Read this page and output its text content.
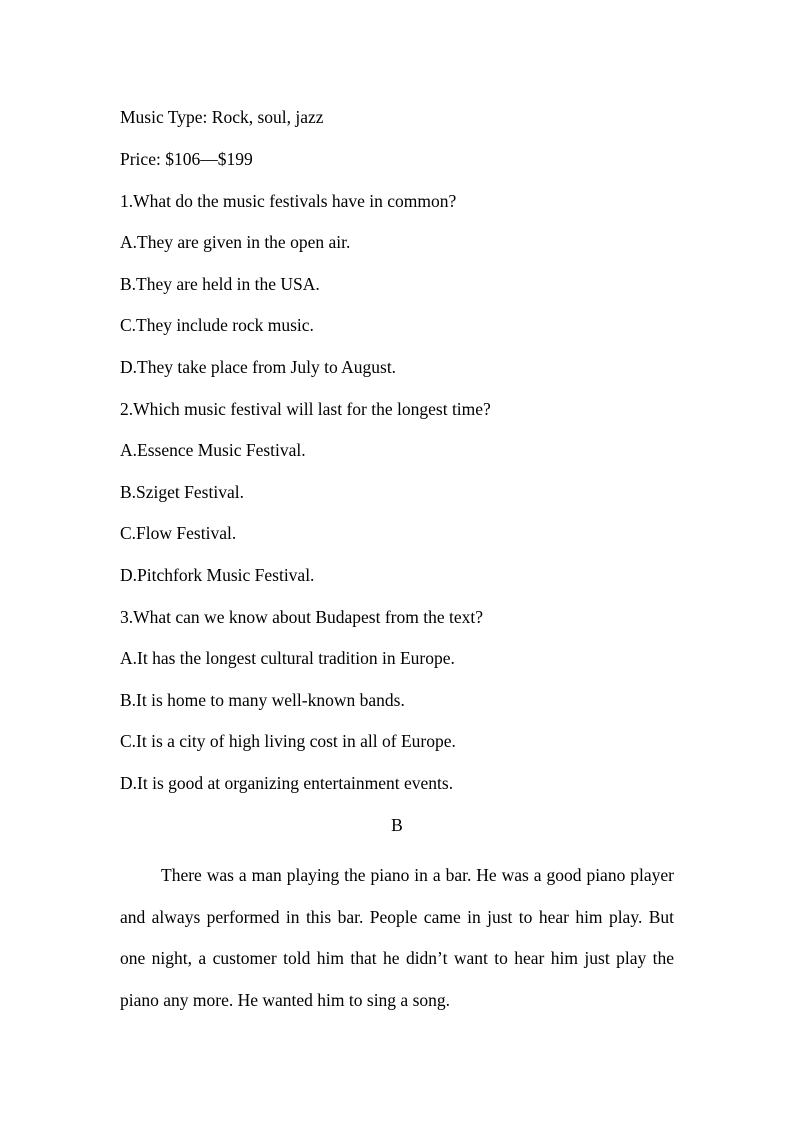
Music Type: Rock, soul, jazz
Price: $106—$199
1.What do the music festivals have in common?
A.They are given in the open air.
B.They are held in the USA.
C.They include rock music.
D.They take place from July to August.
2.Which music festival will last for the longest time?
A.Essence Music Festival.
B.Sziget Festival.
C.Flow Festival.
D.Pitchfork Music Festival.
3.What can we know about Budapest from the text?
A.It has the longest cultural tradition in Europe.
B.It is home to many well-known bands.
C.It is a city of high living cost in all of Europe.
D.It is good at organizing entertainment events.
B

There was a man playing the piano in a bar. He was a good piano player and always performed in this bar. People came in just to hear him play. But one night, a customer told him that he didn’t want to hear him just play the piano any more. He wanted him to sing a song.
